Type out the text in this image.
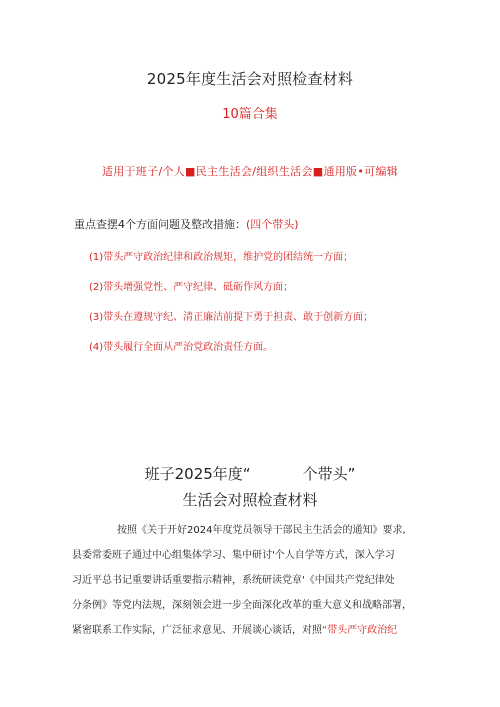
2025年度生活会对照检查材料
10篇合集
适用于班子/个人■民主生活会/组织生活会■通用版•可编辑
重点查摆4个方面问题及整改措施：(四个带头)
(1)带头严守政治纪律和政治规矩，维护党的团结统一方面；
(2)带头增强党性、严守纪律、砥砺作风方面；
(3)带头在遵规守纪、清正廉洁前提下勇于担责、敢于创新方面；
(4)带头履行全面从严治党政治责任方面。
班子2025年度“	个带头”
生活会对照检查材料
按照《关于开好2024年度党员领导干部民主生活会的通知》要求,
县委常委班子通过中心组集体学习、集中研讨'个人自学等方式，深入学习
习近平总书记重要讲话重要指示精神，系统研读党章'《中国共产党纪律处
分条例》等党内法规，深刻领会进一步全面深化改革的重大意义和战略部署，
紧密联系工作实际，广泛征求意见、开展谈心谈话，对照“带头严守政治纪
